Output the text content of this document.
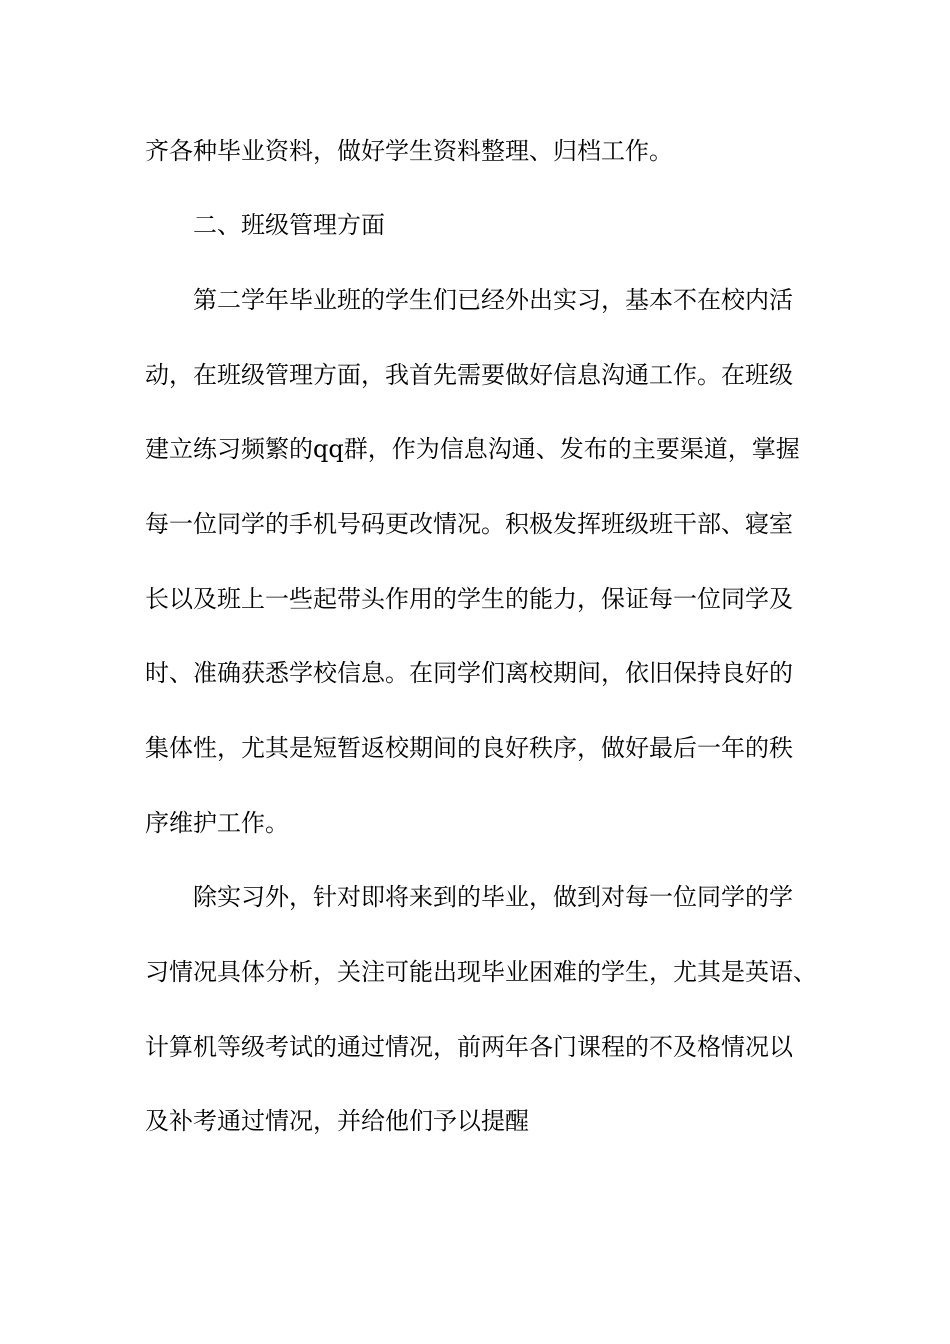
齐各种毕业资料，做好学生资料整理、归档工作。
二、班级管理方面
第二学年毕业班的学生们已经外出实习，基本不在校内活
动，在班级管理方面，我首先需要做好信息沟通工作。在班级
建立练习频繁的qq群，作为信息沟通、发布的主要渠道，掌握
每一位同学的手机号码更改情况。积极发挥班级班干部、寝室
长以及班上一些起带头作用的学生的能力，保证每一位同学及
时、准确获悉学校信息。在同学们离校期间，依旧保持良好的
集体性，尤其是短暂返校期间的良好秩序，做好最后一年的秩
序维护工作。
除实习外，针对即将来到的毕业，做到对每一位同学的学
习情况具体分析，关注可能出现毕业困难的学生，尤其是英语、
计算机等级考试的通过情况，前两年各门课程的不及格情况以
及补考通过情况，并给他们予以提醒
